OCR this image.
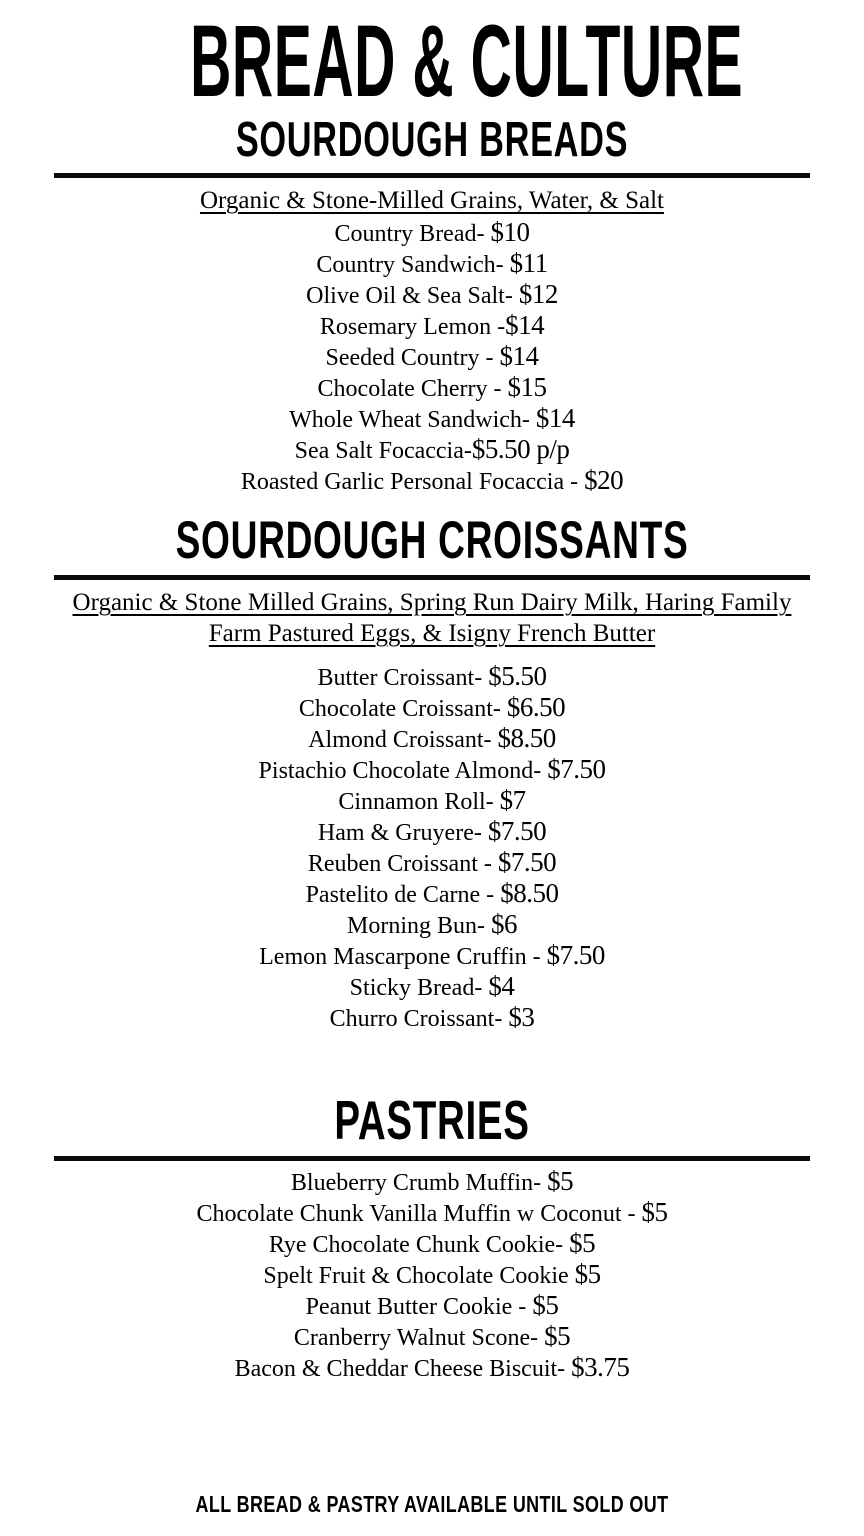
BREAD & CULTURE
SOURDOUGH BREADS
Organic & Stone-Milled Grains, Water, & Salt
Country Bread- $10
Country Sandwich- $11
Olive Oil & Sea Salt- $12
Rosemary Lemon -$14
Seeded Country - $14
Chocolate Cherry - $15
Whole Wheat Sandwich- $14
Sea Salt Focaccia-$5.50 p/p
Roasted Garlic Personal Focaccia - $20
SOURDOUGH CROISSANTS
Organic & Stone Milled Grains, Spring Run Dairy Milk, Haring Family
Farm Pastured Eggs, & Isigny French Butter
Butter Croissant- $5.50
Chocolate Croissant- $6.50
Almond Croissant- $8.50
Pistachio Chocolate Almond- $7.50
Cinnamon Roll- $7
Ham & Gruyere- $7.50
Reuben Croissant - $7.50
Pastelito de Carne - $8.50
Morning Bun- $6
Lemon Mascarpone Cruffin - $7.50
Sticky Bread- $4
Churro Croissant- $3
PASTRIES
Blueberry Crumb Muffin- $5
Chocolate Chunk Vanilla Muffin w Coconut - $5
Rye Chocolate Chunk Cookie- $5
Spelt Fruit & Chocolate Cookie $5
Peanut Butter Cookie - $5
Cranberry Walnut Scone- $5
Bacon & Cheddar Cheese Biscuit- $3.75
ALL BREAD & PASTRY AVAILABLE UNTIL SOLD OUT
